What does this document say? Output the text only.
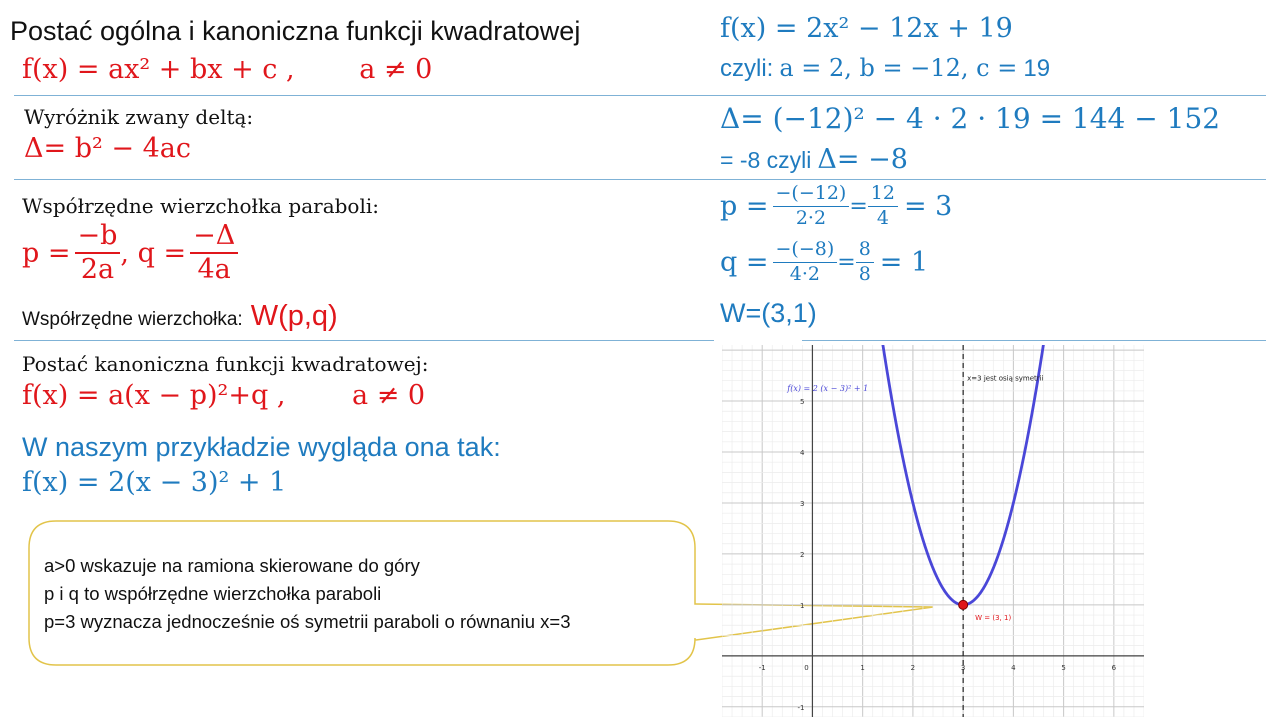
Postać ogólna i kanoniczna funkcji kwadratowej
f(x) = ax² + bx + c , a ≠ 0
Wyróżnik zwany deltą:
Δ= b² − 4ac
Współrzędne wierzchołka paraboli:
$p = \frac{-b}{2a}$ , $q = \frac{-\Delta}{4a}$
Współrzędne wierzchołka: W(p,q)
Postać kanoniczna funkcji kwadratowej:
f(x) = a(x − p)²+q , a ≠ 0
W naszym przykładzie wygląda ona tak:
f(x) = 2(x − 3)² + 1
f(x) = 2x² − 12x + 19
czyli: a = 2, b = −12, c = 19
Δ= (−12)² − 4 · 2 · 19 = 144 − 152
= -8 czyli Δ= −8
$p = \frac{-(-12)}{2\cdot 2} = \frac{12}{4} = 3$
$q = \frac{-(-8)}{4\cdot 2} = \frac{8}{8} = 1$
W=(3,1)
a>0 wskazuje na ramiona skierowane do góry
p i q to współrzędne wierzchołka paraboli
p=3 wyznacza jednocześnie oś symetrii paraboli o równaniu x=3
-1	0	1	2	3	4	5	6
-1
1
2
3
4
5
f(x) = 2 (x − 3)² + 1
x=3 jest osią symetrii
W = (3, 1)
